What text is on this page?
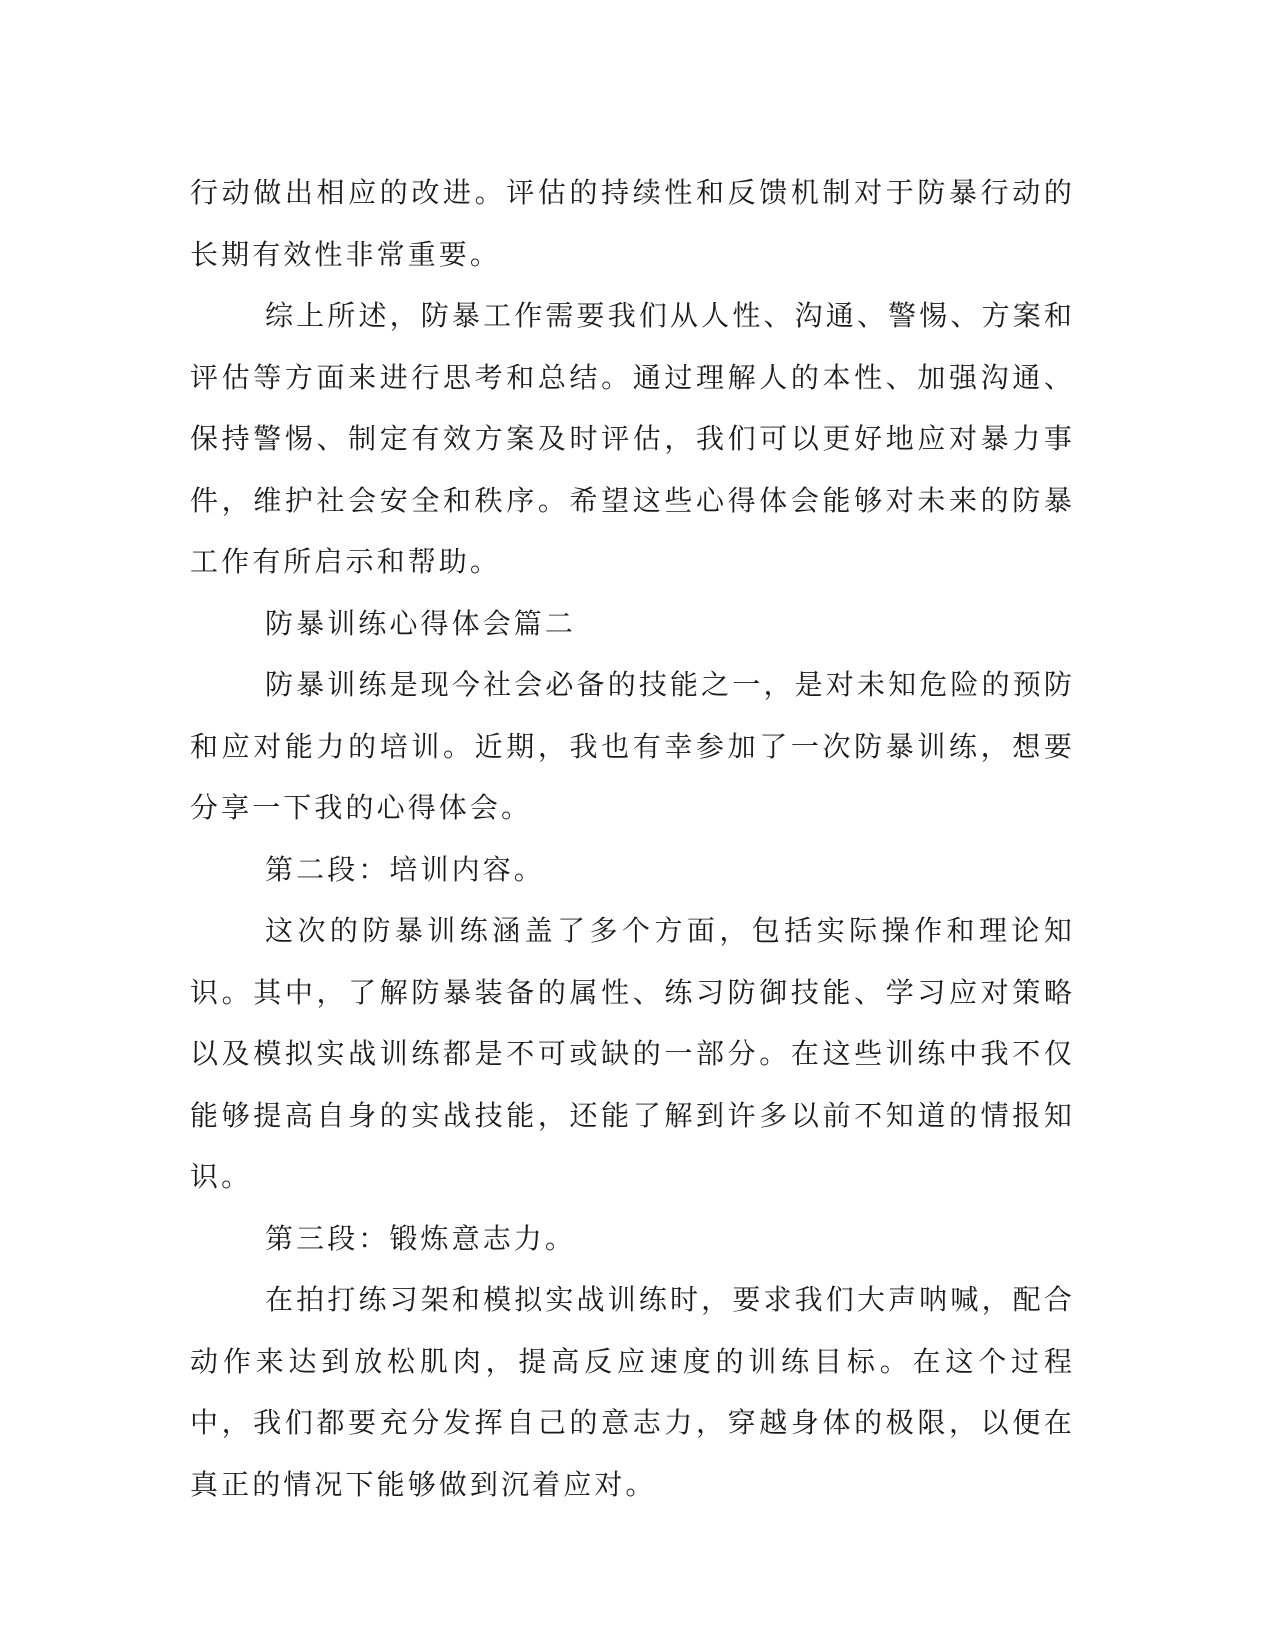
行动做出相应的改进。评估的持续性和反馈机制对于防暴行动的长期有效性非常重要。

综上所述，防暴工作需要我们从人性、沟通、警惕、方案和评估等方面来进行思考和总结。通过理解人的本性、加强沟通、保持警惕、制定有效方案及时评估，我们可以更好地应对暴力事件，维护社会安全和秩序。希望这些心得体会能够对未来的防暴工作有所启示和帮助。

防暴训练心得体会篇二

防暴训练是现今社会必备的技能之一，是对未知危险的预防和应对能力的培训。近期，我也有幸参加了一次防暴训练，想要分享一下我的心得体会。

第二段：培训内容。

这次的防暴训练涵盖了多个方面，包括实际操作和理论知识。其中，了解防暴装备的属性、练习防御技能、学习应对策略以及模拟实战训练都是不可或缺的一部分。在这些训练中我不仅能够提高自身的实战技能，还能了解到许多以前不知道的情报知识。

第三段：锻炼意志力。

在拍打练习架和模拟实战训练时，要求我们大声呐喊，配合动作来达到放松肌肉，提高反应速度的训练目标。在这个过程中，我们都要充分发挥自己的意志力，穿越身体的极限，以便在真正的情况下能够做到沉着应对。
